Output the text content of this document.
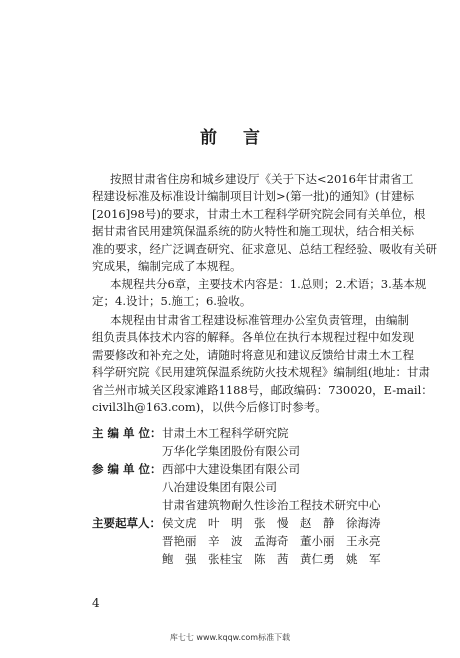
前 言
按照甘肃省住房和城乡建设厅《关于下达<2016年甘肃省工
程建设标准及标准设计编制项目计划>(第一批)的通知》(甘建标
[2016]98号)的要求，甘肃土木工程科学研究院会同有关单位，根
据甘肃省民用建筑保温系统的防火特性和施工现状，结合相关标
准的要求，经广泛调查研究、征求意见、总结工程经验、吸收有关研
究成果，编制完成了本规程。
本规程共分6章，主要技术内容是：1.总则；2.术语；3.基本规
定；4.设计；5.施工；6.验收。
本规程由甘肃省工程建设标准管理办公室负责管理，由编制
组负责具体技术内容的解释。各单位在执行本规程过程中如发现
需要修改和补充之处，请随时将意见和建议反馈给甘肃土木工程
科学研究院《民用建筑保温系统防火技术规程》编制组(地址：甘肃
省兰州市城关区段家滩路1188号，邮政编码：730020，E-mail：
civil3lh@163.com)，以供今后修订时参考。
主 编 单 位： 甘肃土木工程科学研究院
万华化学集团股份有限公司
参 编 单 位： 西部中大建设集团有限公司
八冶建设集团有限公司
甘肃省建筑物耐久性诊治工程技术研究中心
主要起草人： 侯文虎　叶　明　张　慢　赵　静　徐海涛
晋艳丽　辛　波　孟海奇　董小丽　王永亮
鲍　强　张桂宝　陈　茜　黄仁勇　姚　军
4
库七七 www.kqqw.com标准下载
